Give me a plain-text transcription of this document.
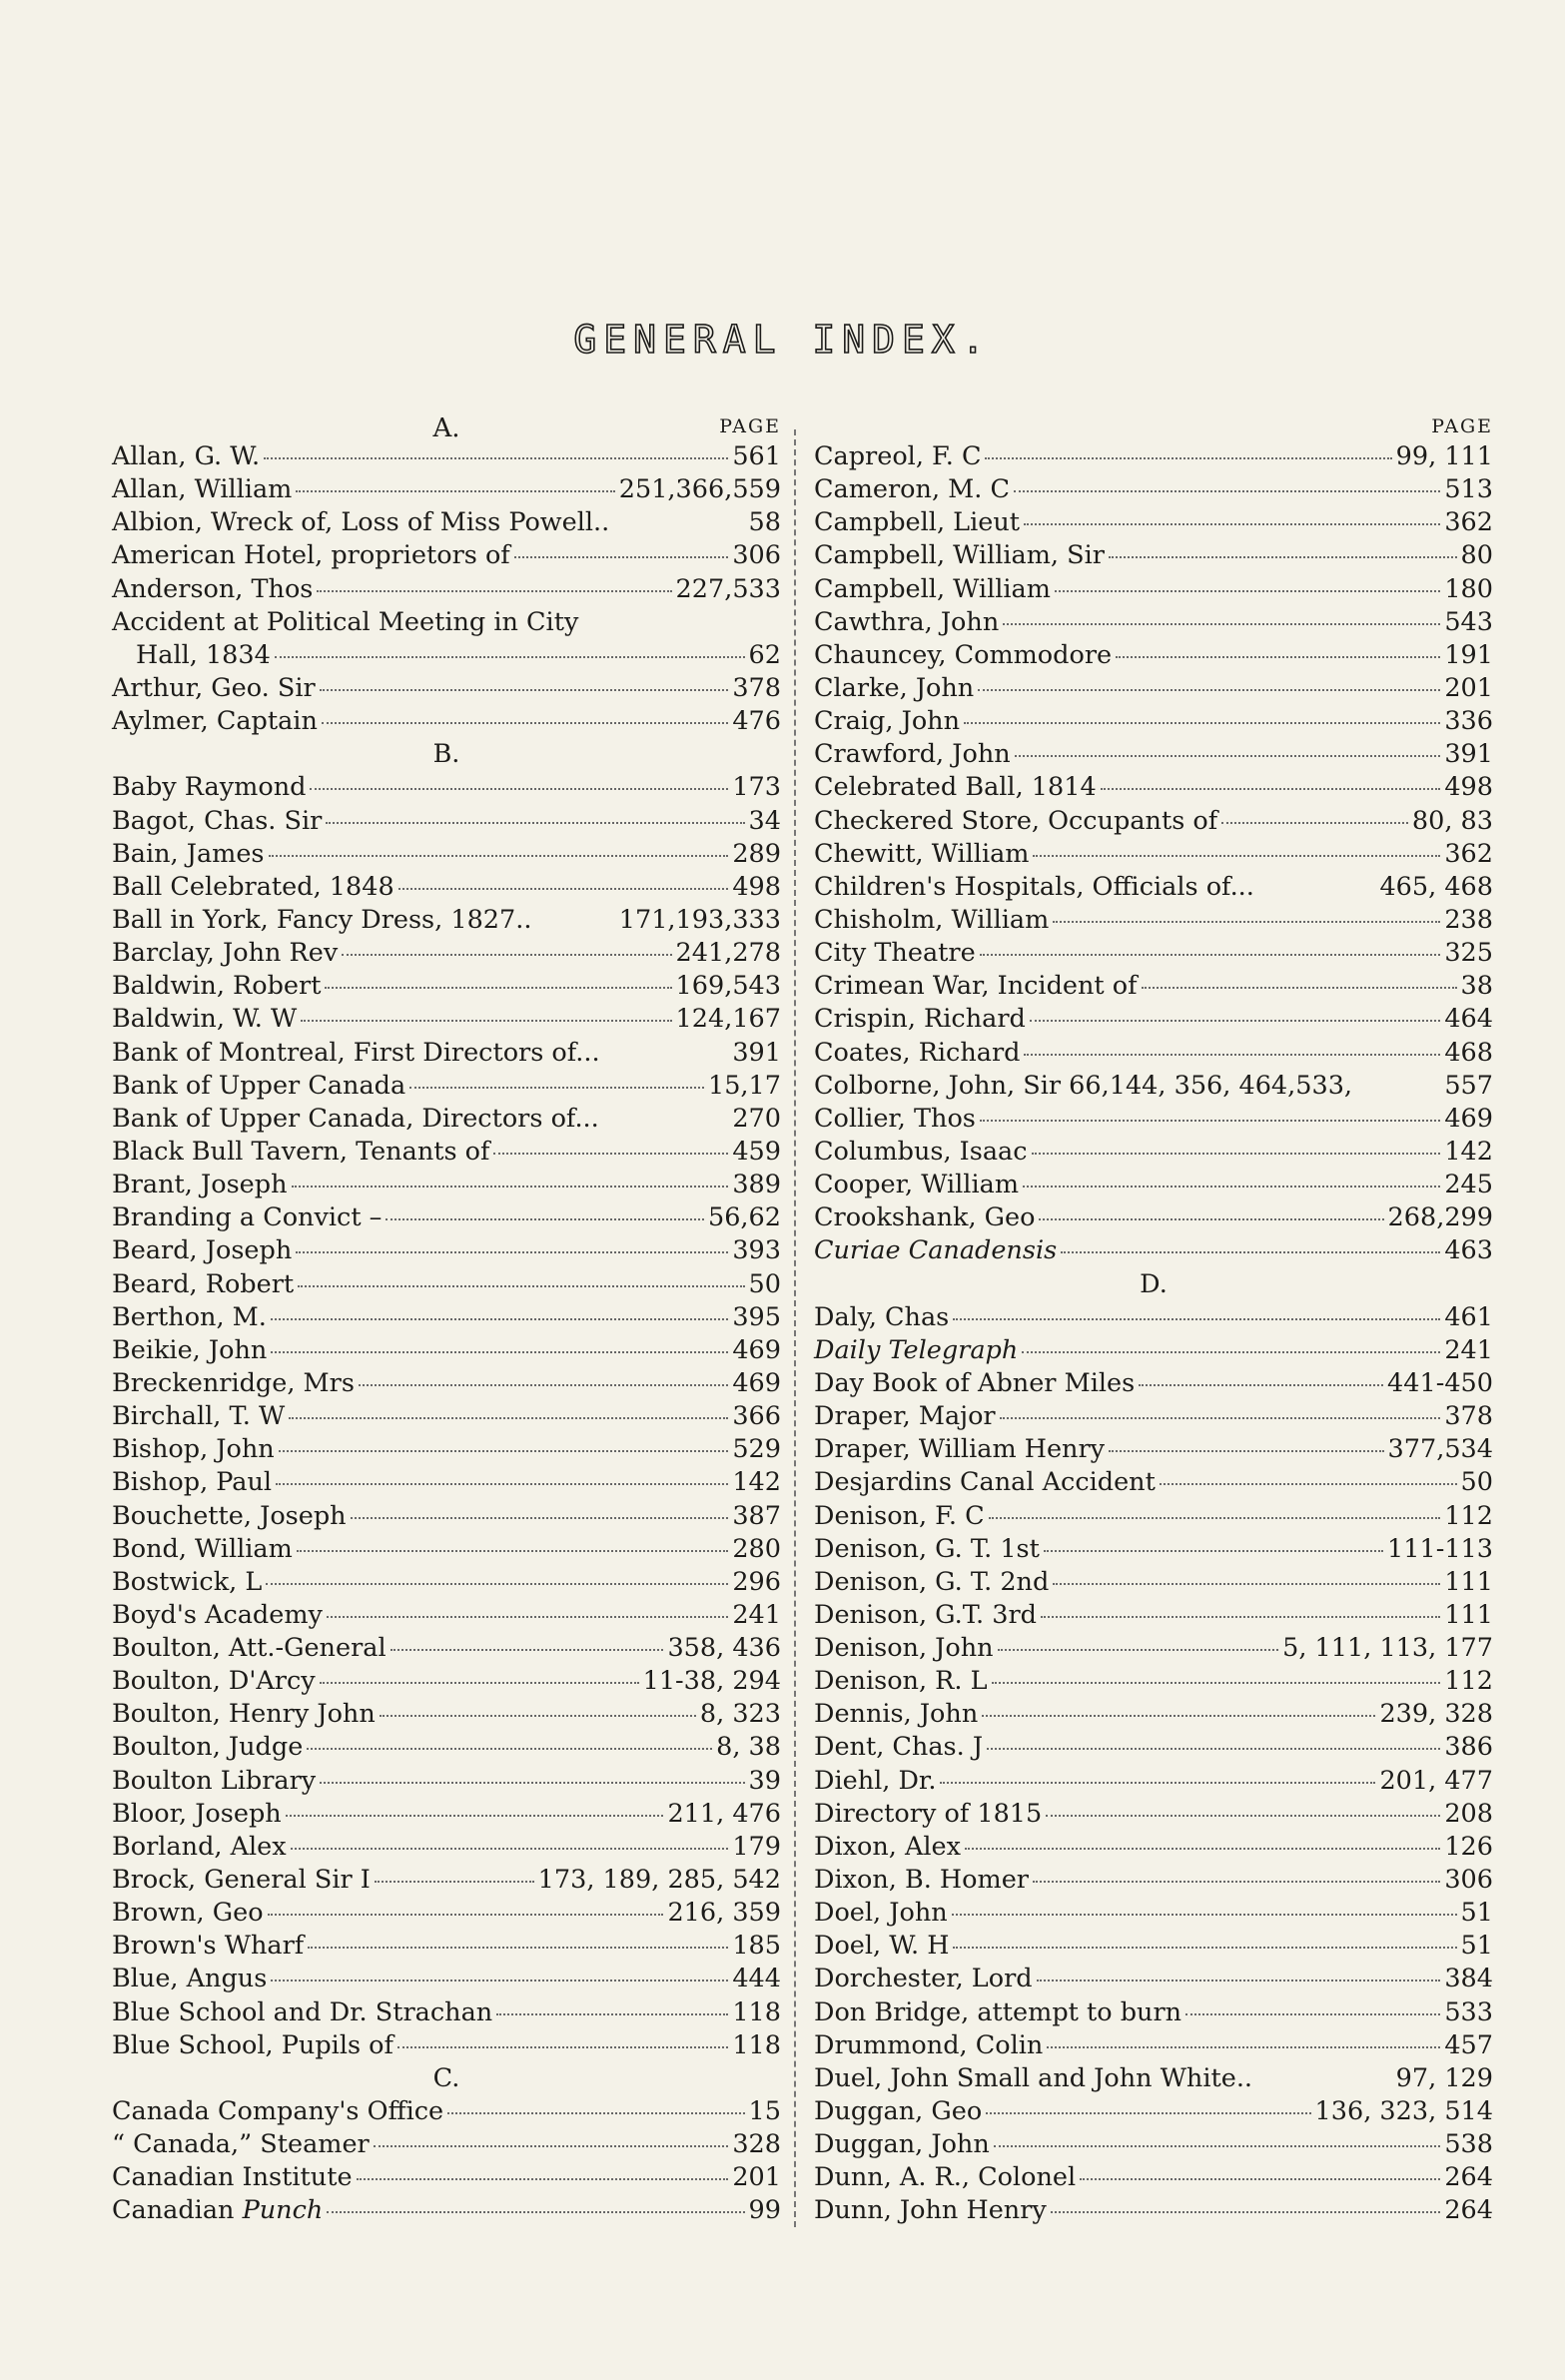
GENERAL INDEX.
A.	PAGE
Allan, G. W.	561
Allan, William	251,366,559
Albion, Wreck of, Loss of Miss Powell..	58
American Hotel, proprietors of	306
Anderson, Thos	227,533
Accident at Political Meeting in City
Hall, 1834	62
Arthur, Geo. Sir	378
Aylmer, Captain	476
B.
Baby Raymond	173
Bagot, Chas. Sir	34
Bain, James	289
Ball Celebrated, 1848	498
Ball in York, Fancy Dress, 1827..	171,193,333
Barclay, John Rev	241,278
Baldwin, Robert	169,543
Baldwin, W. W	124,167
Bank of Montreal, First Directors of...	391
Bank of Upper Canada	15,17
Bank of Upper Canada, Directors of...	270
Black Bull Tavern, Tenants of	459
Brant, Joseph	389
Branding a Convict –	56,62
Beard, Joseph	393
Beard, Robert	50
Berthon, M.	395
Beikie, John	469
Breckenridge, Mrs	469
Birchall, T. W	366
Bishop, John	529
Bishop, Paul	142
Bouchette, Joseph	387
Bond, William	280
Bostwick, L	296
Boyd's Academy	241
Boulton, Att.-General	358, 436
Boulton, D'Arcy	11-38, 294
Boulton, Henry John	8, 323
Boulton, Judge	8, 38
Boulton Library	39
Bloor, Joseph	211, 476
Borland, Alex	179
Brock, General Sir I	173, 189, 285, 542
Brown, Geo	216, 359
Brown's Wharf	185
Blue, Angus	444
Blue School and Dr. Strachan	118
Blue School, Pupils of	118
C.
Canada Company's Office	15
“ Canada,” Steamer	328
Canadian Institute	201
Canadian Punch	99
PAGE
Capreol, F. C	99, 111
Cameron, M. C	513
Campbell, Lieut	362
Campbell, William, Sir	80
Campbell, William	180
Cawthra, John	543
Chauncey, Commodore	191
Clarke, John	201
Craig, John	336
Crawford, John	391
Celebrated Ball, 1814	498
Checkered Store, Occupants of	80, 83
Chewitt, William	362
Children's Hospitals, Officials of...	465, 468
Chisholm, William	238
City Theatre	325
Crimean War, Incident of	38
Crispin, Richard	464
Coates, Richard	468
Colborne, John, Sir 66,144, 356, 464,533,	557
Collier, Thos	469
Columbus, Isaac	142
Cooper, William	245
Crookshank, Geo	268,299
Curiae Canadensis	463
D.
Daly, Chas	461
Daily Telegraph	241
Day Book of Abner Miles	441-450
Draper, Major	378
Draper, William Henry	377,534
Desjardins Canal Accident	50
Denison, F. C	112
Denison, G. T. 1st	111-113
Denison, G. T. 2nd	111
Denison, G.T. 3rd	111
Denison, John	5, 111, 113, 177
Denison, R. L	112
Dennis, John	239, 328
Dent, Chas. J	386
Diehl, Dr.	201, 477
Directory of 1815	208
Dixon, Alex	126
Dixon, B. Homer	306
Doel, John	51
Doel, W. H	51
Dorchester, Lord	384
Don Bridge, attempt to burn	533
Drummond, Colin	457
Duel, John Small and John White..	97, 129
Duggan, Geo	136, 323, 514
Duggan, John	538
Dunn, A. R., Colonel	264
Dunn, John Henry	264
